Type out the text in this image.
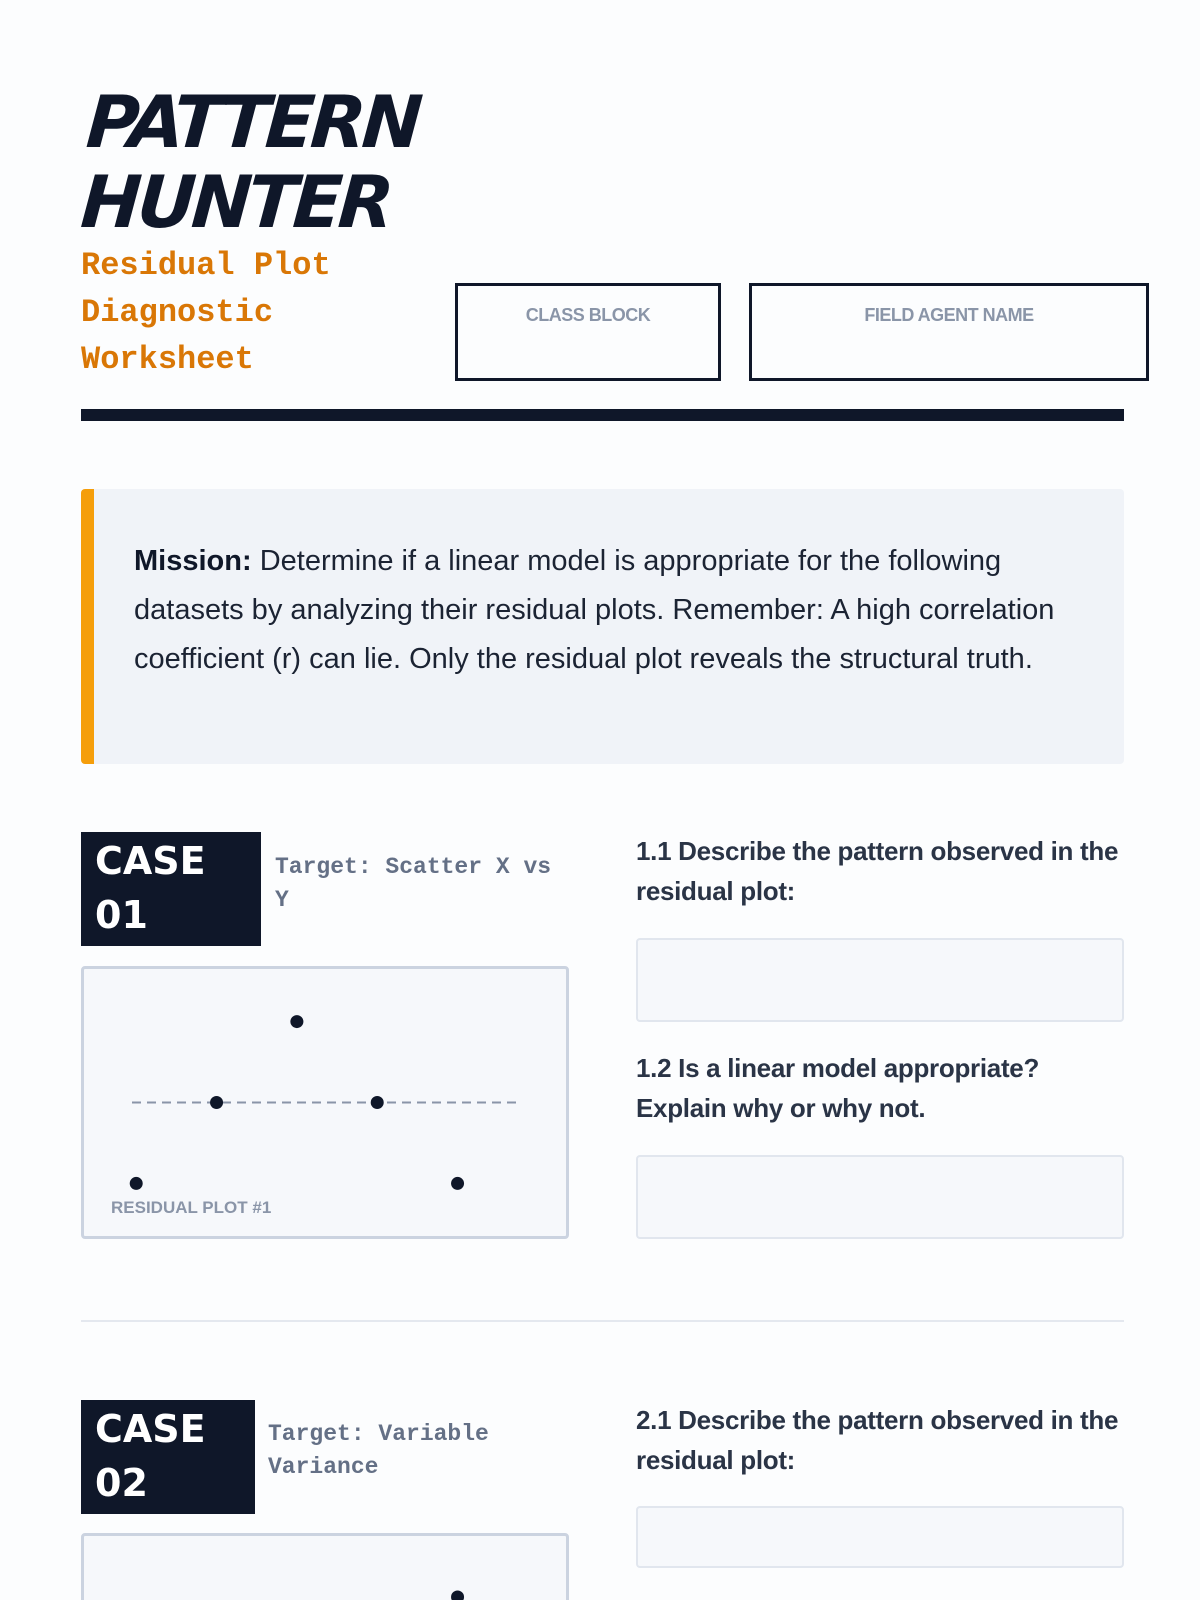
PATTERN
HUNTER
Residual Plot Diagnostic Worksheet
CLASS BLOCK	FIELD AGENT NAME
Mission: Determine if a linear model is appropriate for the following datasets by analyzing their residual plots. Remember: A high correlation coefficient (r) can lie. Only the residual plot reveals the structural truth.
CASE 01
Target: Scatter X vs Y
RESIDUAL PLOT #1
1.1 Describe the pattern observed in the residual plot:
1.2 Is a linear model appropriate? Explain why or why not.
CASE 02
Target: Variable Variance
2.1 Describe the pattern observed in the residual plot:
